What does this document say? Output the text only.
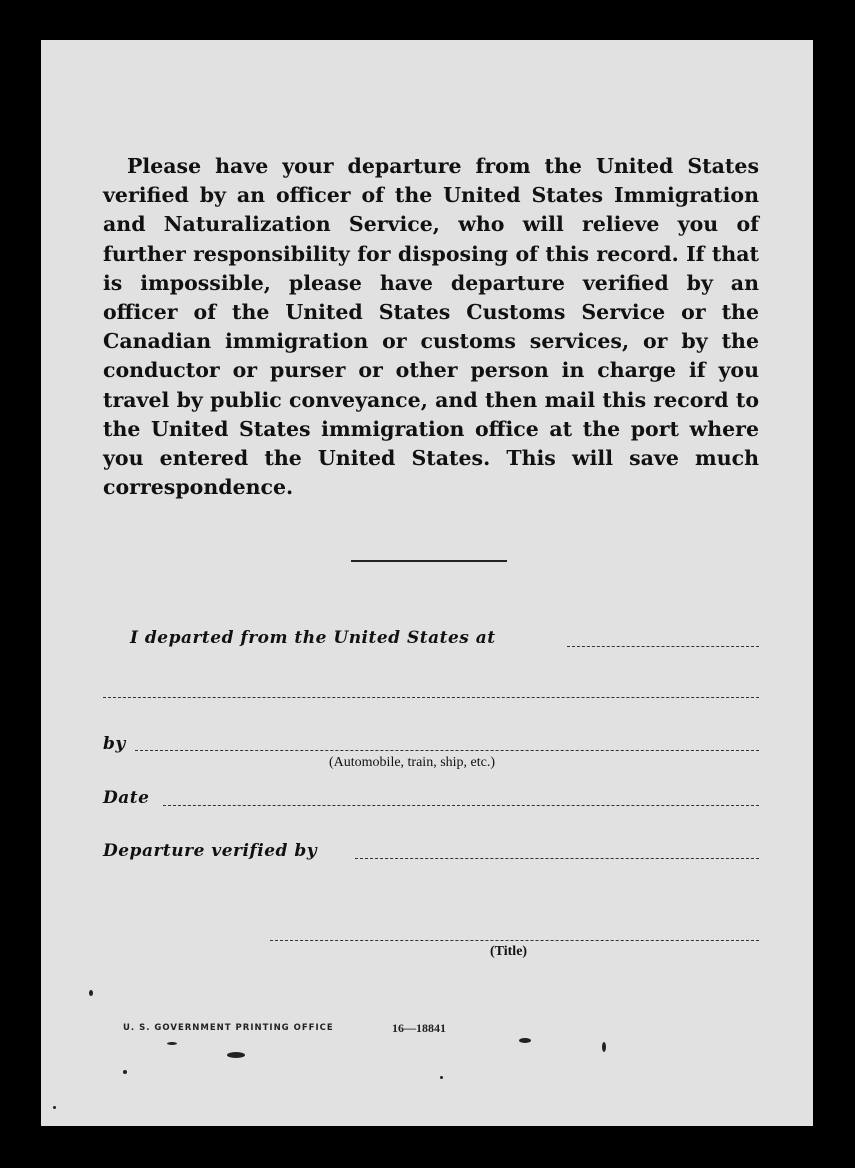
Please have your departure from the United States verified by an officer of the United States Immigration and Naturalization Service, who will relieve you of further responsibility for disposing of this record. If that is impossible, please have departure verified by an officer of the United States Customs Service or the Canadian immigration or customs services, or by the conductor or purser or other person in charge if you travel by public conveyance, and then mail this record to the United States immigration office at the port where you entered the United States. This will save much correspondence.

I departed from the United States at
by
(Automobile, train, ship, etc.)
Date
Departure verified by
(Title)
U. S. GOVERNMENT PRINTING OFFICE	16—18841
